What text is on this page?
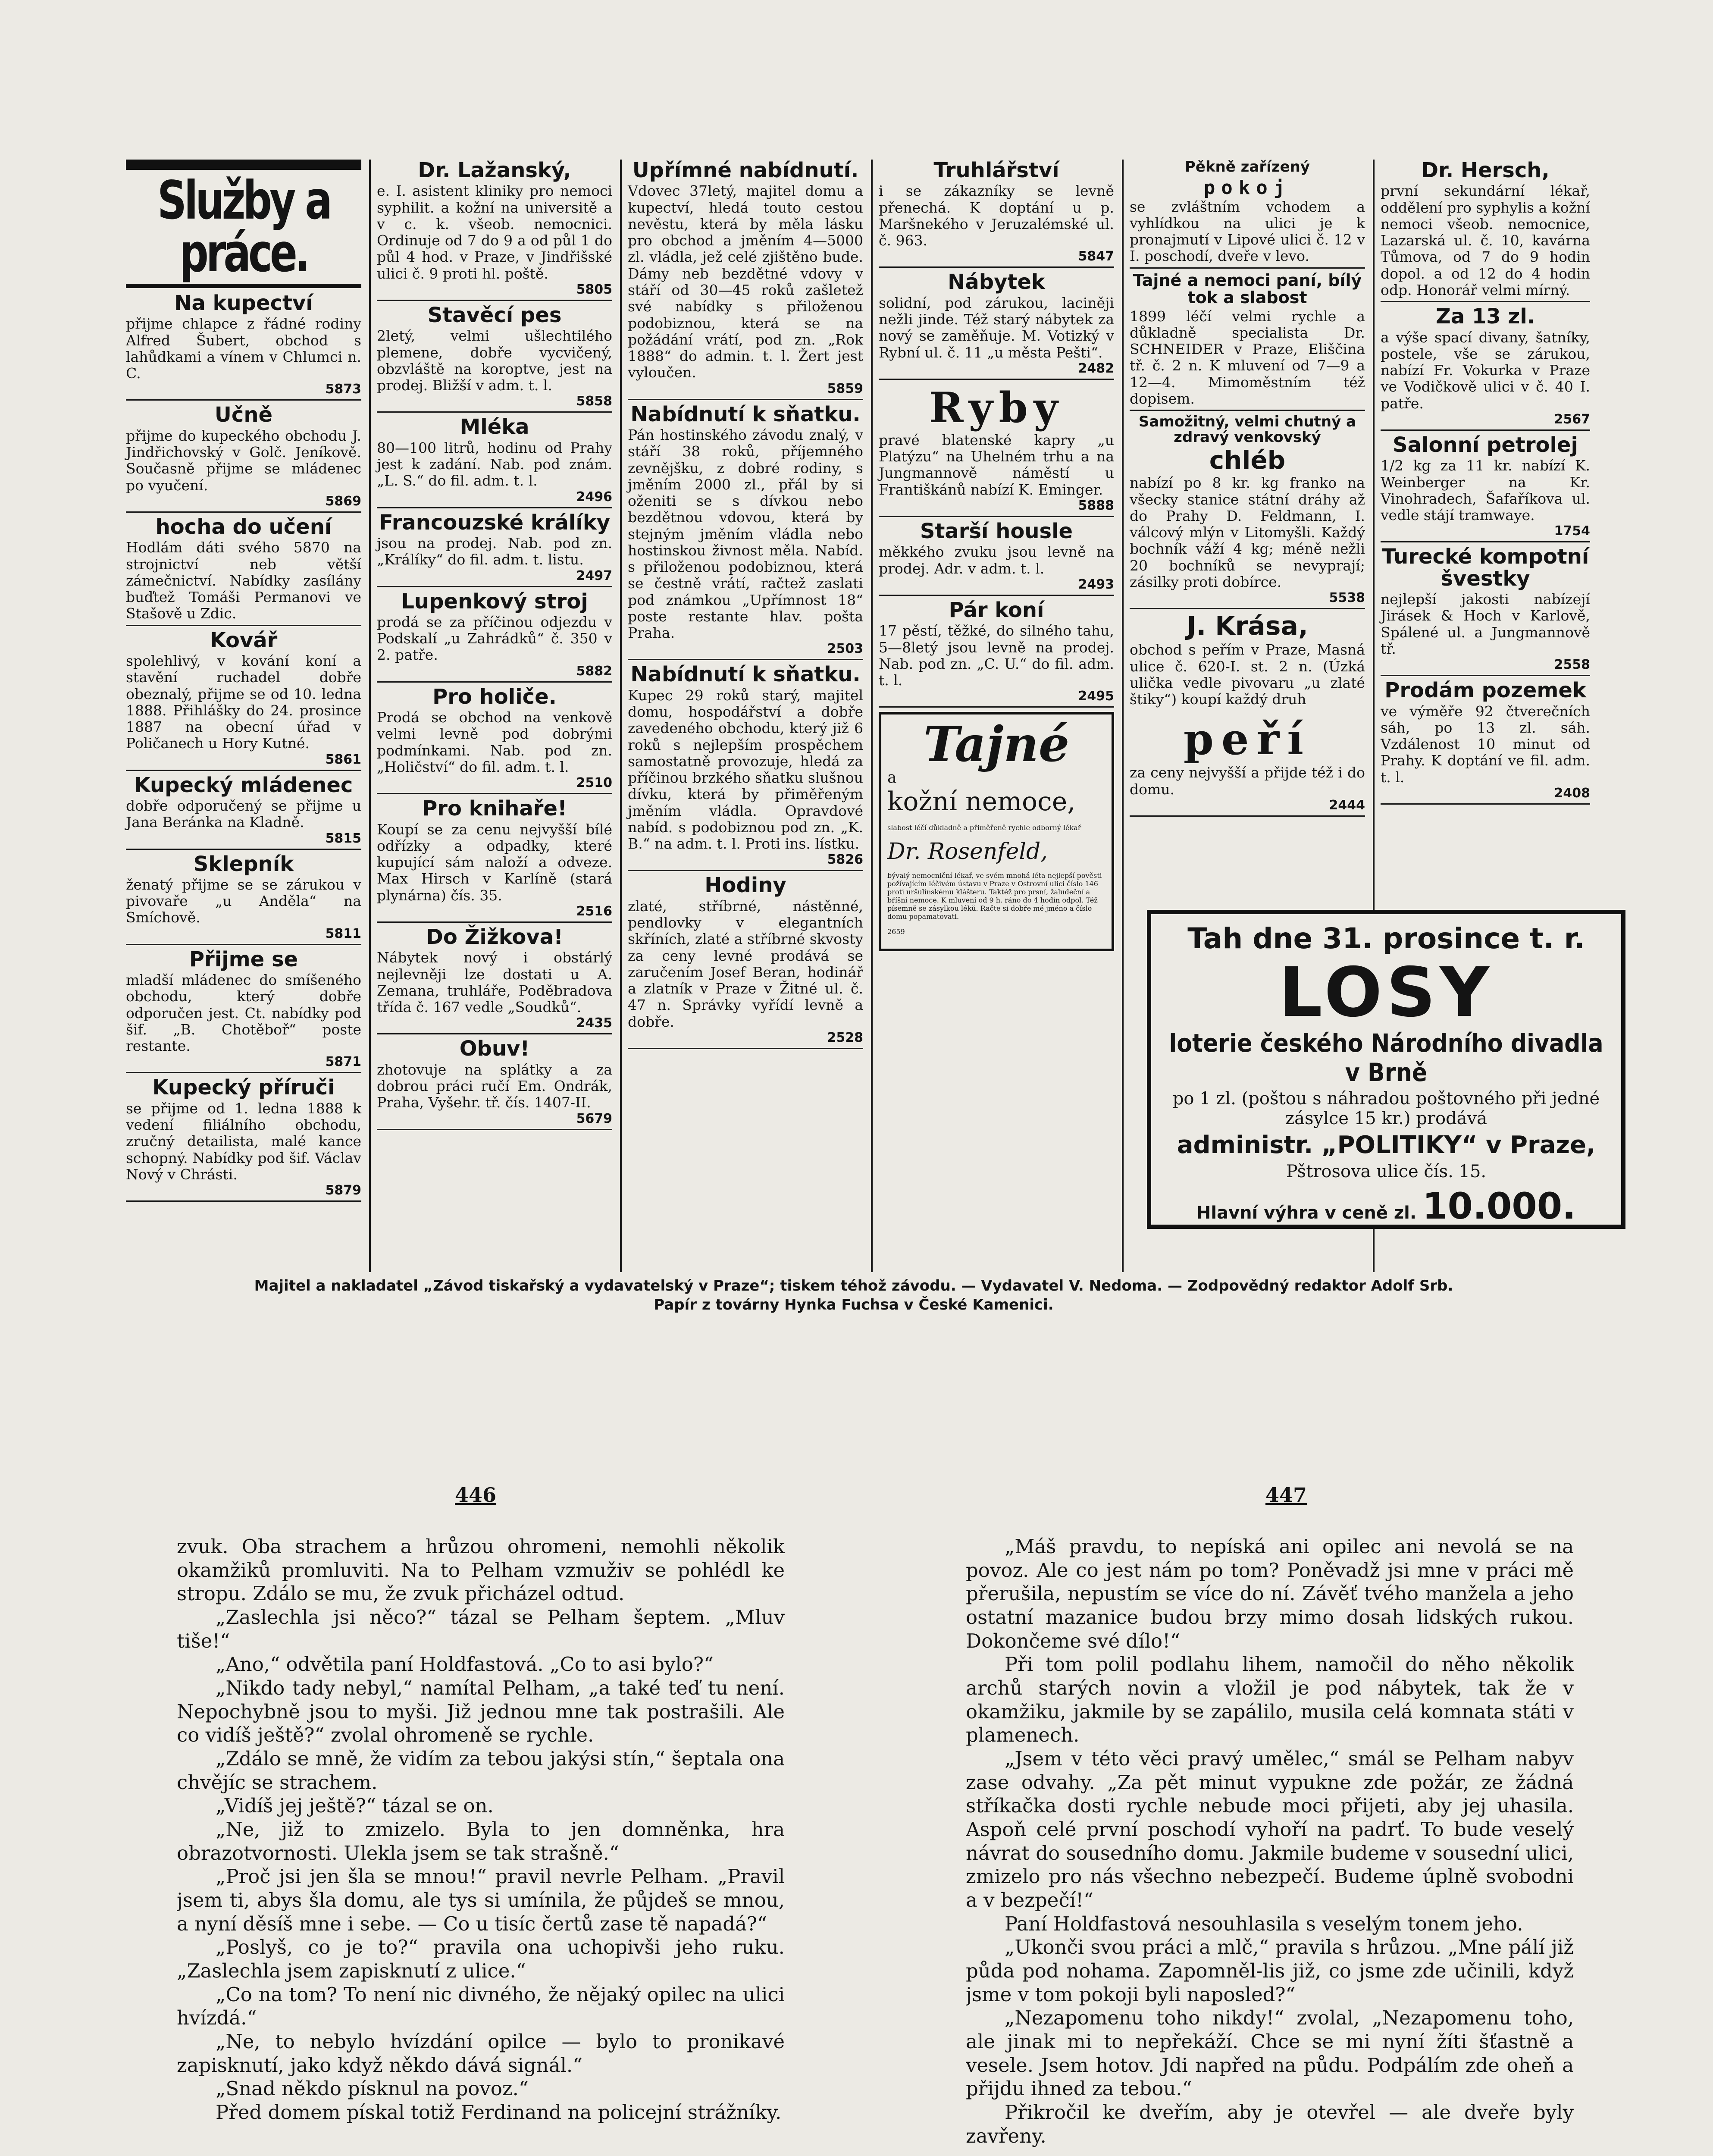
Služby a práce.
Na kupectví

přijme chlapce z řádné rodiny Alfred Šubert, obchod s lahůdkami a vínem v Chlumci n. C.

5873

Učně

přijme do kupeckého obchodu J. Jindřichovský v Golč. Jeníkově. Současně přijme se mládenec po vyučení.

5869

hocha do učení

Hodlám dáti svého 5870 na strojnictví neb větší zámečnictví. Nabídky zasílány buďtež Tomáši Permanovi ve Stašově u Zdic.

Kovář

spolehlivý, v kování koní a stavění ruchadel dobře obeznalý, přijme se od 10. ledna 1888. Přihlášky do 24. prosince 1887 na obecní úřad v Poličanech u Hory Kutné.

5861

Kupecký mládenec

dobře odporučený se přijme u Jana Beránka na Kladně.

5815

Sklepník

ženatý přijme se se zárukou v pivovaře „u Anděla“ na Smíchově.

5811

Přijme se

mladší mládenec do smíšeného obchodu, který dobře odporučen jest. Ct. nabídky pod šif. „B. Chotěboř“ poste restante.

5871

Kupecký příruči

se přijme od 1. ledna 1888 k vedení filiálního obchodu, zručný detailista, malé kance schopný. Nabídky pod šif. Václav Nový v Chrásti.

5879

Dr. Lažanský,

e. I. asistent kliniky pro nemoci syphilit. a kožní na universitě a v c. k. všeob. nemocnici. Ordinuje od 7 do 9 a od půl 1 do půl 4 hod. v Praze, v Jindřišské ulici č. 9 proti hl. poště.

5805

Stavěcí pes

2letý, velmi ušlechtilého plemene, dobře vycvičený, obzvláště na koroptve, jest na prodej. Bližší v adm. t. l.

5858

Mléka

80—100 litrů, hodinu od Prahy jest k zadání. Nab. pod znám. „L. S.“ do fil. adm. t. l.

2496

Francouzské králíky

jsou na prodej. Nab. pod zn. „Králíky“ do fil. adm. t. listu.

2497

Lupenkový stroj

prodá se za příčinou odjezdu v Podskalí „u Zahrádků“ č. 350 v 2. patře.

5882

Pro holiče.

Prodá se obchod na venkově velmi levně pod dobrými podmínkami. Nab. pod zn. „Holičství“ do fil. adm. t. l.

2510

Pro knihaře!

Koupí se za cenu nejvyšší bílé odřízky a odpadky, které kupující sám naloží a odveze. Max Hirsch v Karlíně (stará plynárna) čís. 35.

2516

Do Žižkova!

Nábytek nový i obstárlý nejlevněji lze dostati u A. Zemana, truhláře, Poděbradova třída č. 167 vedle „Soudků“.

2435

Obuv!

zhotovuje na splátky a za dobrou práci ručí Em. Ondrák, Praha, Vyšehr. tř. čís. 1407-II.

5679

Upřímné nabídnutí.

Vdovec 37letý, majitel domu a kupectví, hledá touto cestou nevěstu, která by měla lásku pro obchod a jměním 4—5000 zl. vládla, jež celé zjištěno bude. Dámy neb bezdětné vdovy v stáří od 30—45 roků zašletež své nabídky s přiloženou podobiznou, která se na požádání vrátí, pod zn. „Rok 1888“ do admin. t. l. Žert jest vyloučen.

5859

Nabídnutí k sňatku.

Pán hostinského závodu znalý, v stáří 38 roků, příjemného zevnějšku, z dobré rodiny, s jměním 2000 zl., přál by si oženiti se s dívkou nebo bezdětnou vdovou, která by stejným jměním vládla nebo hostinskou živnost měla. Nabíd. s přiloženou podobiznou, která se čestně vrátí, račtež zaslati pod známkou „Upřímnost 18“ poste restante hlav. pošta Praha.

2503

Nabídnutí k sňatku.

Kupec 29 roků starý, majitel domu, hospodářství a dobře zavedeného obchodu, který již 6 roků s nejlepším prospěchem samostatně provozuje, hledá za příčinou brzkého sňatku slušnou dívku, která by přiměřeným jměním vládla. Opravdové nabíd. s podobiznou pod zn. „K. B.“ na adm. t. l. Proti ins. lístku.

5826

Hodiny

zlaté, stříbrné, nástěnné, pendlovky v elegantních skříních, zlaté a stříbrné skvosty za ceny levné prodává se zaručením Josef Beran, hodinář a zlatník v Praze v Žitné ul. č. 47 n. Správky vyřídí levně a dobře.

2528

Truhlářství

i se zákazníky se levně přenechá. K doptání u p. Maršnekého v Jeruzalémské ul. č. 963.

5847

Nábytek

solidní, pod zárukou, laciněji nežli jinde. Též starý nábytek za nový se zaměňuje. M. Votizký v Rybní ul. č. 11 „u města Pešti“.

2482

Ryby

pravé blatenské kapry „u Platýzu“ na Uhelném trhu a na Jungmannově náměstí u Františkánů nabízí K. Eminger.

5888

Starší housle

měkkého zvuku jsou levně na prodej. Adr. v adm. t. l.

2493

Pár koní

17 pěstí, těžké, do silného tahu, 5—8letý jsou levně na prodej. Nab. pod zn. „C. U.“ do fil. adm. t. l.

2495

Tajné
a
kožní nemoce,

slabost léčí důkladně a přiměřeně rychle odborný lékař

Dr. Rosenfeld,

bývalý nemocniční lékař, ve svém mnohá léta nejlepší pověsti požívajícím léčivém ústavu v Praze v Ostrovní ulici číslo 146 proti uršulinskému klášteru. Taktéž pro prsní, žaludeční a bříšní nemoce. K mluvení od 9 h. ráno do 4 hodin odpol. Též písemně se zásylkou léků. Račte si dobře mé jméno a číslo domu popamatovati.

2659

Pěkně zařízený
pokoj

se zvláštním vchodem a vyhlídkou na ulici je k pronajmutí v Lipové ulici č. 12 v I. poschodí, dveře v levo.

Tajné a nemoci paní, bílý tok a slabost

1899 léčí velmi rychle a důkladně specialista Dr. SCHNEIDER v Praze, Eliščina tř. č. 2 n. K mluvení od 7—9 a 12—4. Mimoměstním též dopisem.

Samožitný, velmi chutný a zdravý venkovský
chléb

nabízí po 8 kr. kg franko na všecky stanice státní dráhy až do Prahy D. Feldmann, I. válcový mlýn v Litomyšli. Každý bochník váží 4 kg; méně nežli 20 bochníků se nevyprají; zásilky proti dobírce.

5538

J. Krása,

obchod s peřím v Praze, Masná ulice č. 620-I. st. 2 n. (Úzká ulička vedle pivovaru „u zlaté štiky“) koupí každý druh

peří

za ceny nejvyšší a přijde též i do domu.

2444

Dr. Hersch,

první sekundární lékař, oddělení pro syphylis a kožní nemoci všeob. nemocnice, Lazarská ul. č. 10, kavárna Tůmova, od 7 do 9 hodin dopol. a od 12 do 4 hodin odp. Honorář velmi mírný.

Za 13 zl.

a výše spací divany, šatníky, postele, vše se zárukou, nabízí Fr. Vokurka v Praze ve Vodičkově ulici v č. 40 I. patře.

2567

Salonní petrolej

1/2 kg za 11 kr. nabízí K. Weinberger na Kr. Vinohradech, Šafaříkova ul. vedle stájí tramwaye.

1754

Turecké kompotní švestky

nejlepší jakosti nabízejí Jirásek & Hoch v Karlově, Spálené ul. a Jungmannově tř.

2558

Prodám pozemek

ve výměře 92 čtverečních sáh, po 13 zl. sáh. Vzdálenost 10 minut od Prahy. K doptání ve fil. adm. t. l.

2408

Tah dne 31. prosince t. r.
LOSY
loterie českého Národního divadla v Brně
po 1 zl. (poštou s náhradou poštovného při jedné zásylce 15 kr.) prodává
administr. „POLITIKY“ v Praze,
Pštrosova ulice čís. 15.
Hlavní výhra v ceně zl. 10.000.
Majitel a nakladatel „Závod tiskařský a vydavatelský v Praze“; tiskem téhož závodu. — Vydavatel V. Nedoma. — Zodpovědný redaktor Adolf Srb.
Papír z továrny Hynka Fuchsa v České Kamenici.
446	447

zvuk. Oba strachem a hrůzou ohromeni, nemohli několik okamžiků promluviti. Na to Pelham vzmuživ se pohlédl ke stropu. Zdálo se mu, že zvuk přicházel odtud.

„Zaslechla jsi něco?“ tázal se Pelham šeptem. „Mluv tiše!“

„Ano,“ odvětila paní Holdfastová. „Co to asi bylo?“

„Nikdo tady nebyl,“ namítal Pelham, „a také teď tu není. Nepochybně jsou to myši. Již jednou mne tak postrašili. Ale co vidíš ještě?“ zvolal ohromeně se rychle.

„Zdálo se mně, že vidím za tebou jakýsi stín,“ šeptala ona chvějíc se strachem.

„Vidíš jej ještě?“ tázal se on.

„Ne, již to zmizelo. Byla to jen domněnka, hra obrazotvornosti. Ulekla jsem se tak strašně.“

„Proč jsi jen šla se mnou!“ pravil nevrle Pelham. „Pravil jsem ti, abys šla domu, ale tys si umínila, že půjdeš se mnou, a nyní děsíš mne i sebe. — Co u tisíc čertů zase tě napadá?“

„Poslyš, co je to?“ pravila ona uchopivši jeho ruku. „Zaslechla jsem zapisknutí z ulice.“

„Co na tom? To není nic divného, že nějaký opilec na ulici hvízdá.“

„Ne, to nebylo hvízdání opilce — bylo to pronikavé zapisknutí, jako když někdo dává signál.“

„Snad někdo písknul na povoz.“

Před domem pískal totiž Ferdinand na policejní strážníky.

„Máš pravdu, to nepíská ani opilec ani nevolá se na povoz. Ale co jest nám po tom? Poněvadž jsi mne v práci mě přerušila, nepustím se více do ní. Závěť tvého manžela a jeho ostatní mazanice budou brzy mimo dosah lidských rukou. Dokončeme své dílo!“

Při tom polil podlahu lihem, namočil do něho několik archů starých novin a vložil je pod nábytek, tak že v okamžiku, jakmile by se zapálilo, musila celá komnata státi v plamenech.

„Jsem v této věci pravý umělec,“ smál se Pelham nabyv zase odvahy. „Za pět minut vypukne zde požár, ze žádná stříkačka dosti rychle nebude moci přijeti, aby jej uhasila. Aspoň celé první poschodí vyhoří na padrť. To bude veselý návrat do sousedního domu. Jakmile budeme v sousední ulici, zmizelo pro nás všechno nebezpečí. Budeme úplně svobodni a v bezpečí!“

Paní Holdfastová nesouhlasila s veselým tonem jeho.

„Ukonči svou práci a mlč,“ pravila s hrůzou. „Mne pálí již půda pod nohama. Zapomněl-lis již, co jsme zde učinili, když jsme v tom pokoji byli naposled?“

„Nezapomenu toho nikdy!“ zvolal, „Nezapomenu toho, ale jinak mi to nepřekáží. Chce se mi nyní žíti šťastně a vesele. Jsem hotov. Jdi napřed na půdu. Podpálím zde oheň a přijdu ihned za tebou.“

Přikročil ke dveřím, aby je otevřel — ale dveře byly zavřeny.
